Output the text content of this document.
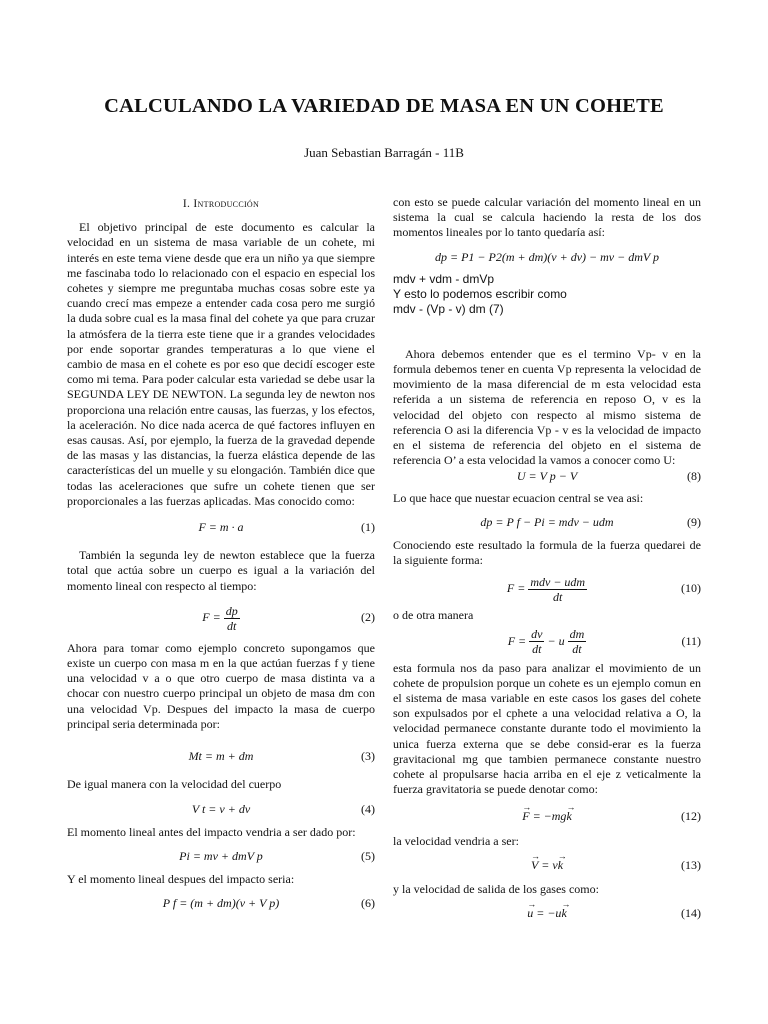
CALCULANDO LA VARIEDAD DE MASA EN UN COHETE
Juan Sebastian Barragán - 11B
I. Introducción

El objetivo principal de este documento es calcular la velocidad en un sistema de masa variable de un cohete, mi interés en este tema viene desde que era un niño ya que siempre me fascinaba todo lo relacionado con el espacio en especial los cohetes y siempre me preguntaba muchas cosas sobre este ya cuando crecí mas empeze a entender cada cosa pero me surgió la duda sobre cual es la masa final del cohete ya que para cruzar la atmósfera de la tierra este tiene que ir a grandes velocidades por ende soportar grandes temperaturas a lo que viene el cambio de masa en el cohete es por eso que decidí escoger este como mi tema. Para poder calcular esta variedad se debe usar la SEGUNDA LEY DE NEWTON. La segunda ley de newton nos proporciona una relación entre causas, las fuerzas, y los efectos, la aceleración. No dice nada acerca de qué factores influyen en esas causas. Así, por ejemplo, la fuerza de la gravedad depende de las masas y las distancias, la fuerza elástica depende de las características del un muelle y su elongación. También dice que todas las aceleraciones que sufre un cohete tienen que ser proporcionales a las fuerzas aplicadas. Mas conocido como:

F = m · a	(1)

También la segunda ley de newton establece que la fuerza total que actúa sobre un cuerpo es igual a la variación del momento lineal con respecto al tiempo:

$F = \frac{dp}{dt}$	(2)

Ahora para tomar como ejemplo concreto supongamos que existe un cuerpo con masa m en la que actúan fuerzas f y tiene una velocidad v a o que otro cuerpo de masa distinta va a chocar con nuestro cuerpo principal un objeto de masa dm con una velocidad Vp. Despues del impacto la masa de cuerpo principal seria determinada por:

Mt = m + dm	(3)

De igual manera con la velocidad del cuerpo

V t = v + dv	(4)

El momento lineal antes del impacto vendria a ser dado por:

Pi = mv + dmV p	(5)

Y el momento lineal despues del impacto seria:

P f = (m + dm)(v + V p)	(6)

con esto se puede calcular variación del momento lineal en un sistema la cual se calcula haciendo la resta de los dos momentos lineales por lo tanto quedaría así:

dp = P1 − P2(m + dm)(v + dv) − mv − dmV p
mdv + vdm - dmVp
Y esto lo podemos escribir como
mdv - (Vp - v) dm (7)

Ahora debemos entender que es el termino Vp- v en la formula debemos tener en cuenta Vp representa la velocidad de movimiento de la masa diferencial de m esta velocidad esta referida a un sistema de referencia en reposo O, v es la velocidad del objeto con respecto al mismo sistema de referencia O asi la diferencia Vp - v es la velocidad de impacto en el sistema de referencia del objeto en el sistema de referencia O’ a esta velocidad la vamos a conocer como U:

U = V p − V	(8)

Lo que hace que nuestar ecuacion central se vea asi:

dp = P f − Pi = mdv − udm	(9)

Conociendo este resultado la formula de la fuerza quedarei de la siguiente forma:

$F = \frac{\text{mdv − udm}}{dt}$	(10)

o de otra manera

$F = \frac{dv}{dt} - u \frac{dm}{dt}$	(11)

esta formula nos da paso para analizar el movimiento de un cohete de propulsion porque un cohete es un ejemplo comun en el sistema de masa variable en este casos los gases del cohete son expulsados por el cphete a una velocidad relativa a O, la velocidad permanece constante durante todo el movimiento la unica fuerza externa que se debe consid-erar es la fuerza gravitacional mg que tambien permanece constante nuestro cohete al propulsarse hacia arriba en el eje z veticalmente la fuerza gravitatoria se puede denotar como:

→ F = −mg→ k	(12)

la velocidad vendria a ser:

→ V = v→ k	(13)

y la velocidad de salida de los gases como:

→ u = −u→ k	(14)
